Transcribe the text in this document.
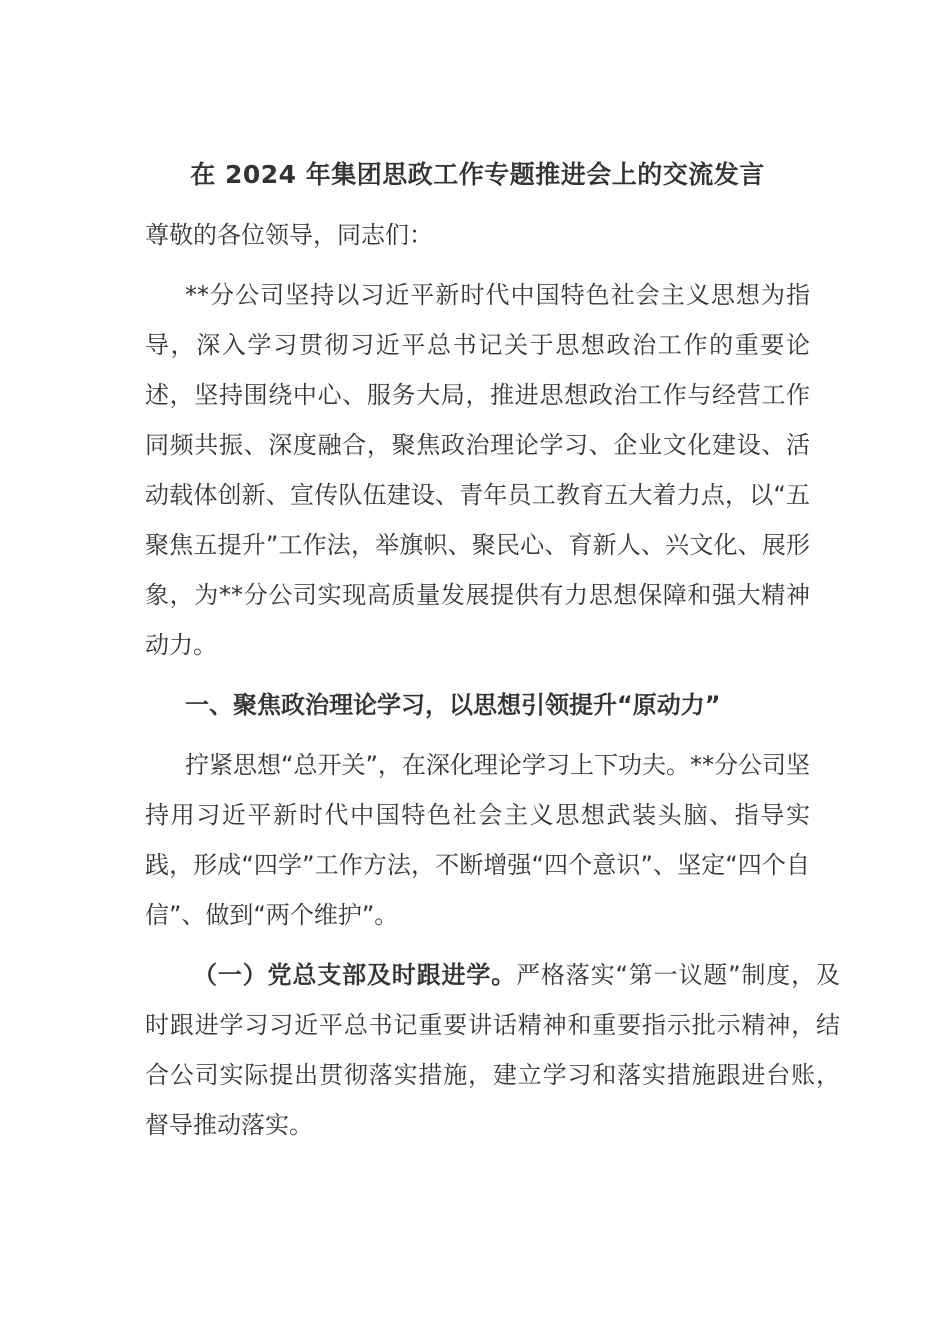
在 2024 年集团思政工作专题推进会上的交流发言

尊敬的各位领导，同志们：

**分公司坚持以习近平新时代中国特色社会主义思想为指导，深入学习贯彻习近平总书记关于思想政治工作的重要论述，坚持围绕中心、服务大局，推进思想政治工作与经营工作同频共振、深度融合，聚焦政治理论学习、企业文化建设、活动载体创新、宣传队伍建设、青年员工教育五大着力点，以“五聚焦五提升”工作法，举旗帜、聚民心、育新人、兴文化、展形象，为**分公司实现高质量发展提供有力思想保障和强大精神动力。

一、聚焦政治理论学习，以思想引领提升“原动力”

拧紧思想“总开关”，在深化理论学习上下功夫。**分公司坚持用习近平新时代中国特色社会主义思想武装头脑、指导实践，形成“四学”工作方法，不断增强“四个意识”、坚定“四个自信”、做到“两个维护”。

（一）党总支部及时跟进学。严格落实“第一议题”制度，及时跟进学习习近平总书记重要讲话精神和重要指示批示精神，结合公司实际提出贯彻落实措施，建立学习和落实措施跟进台账，督导推动落实。
